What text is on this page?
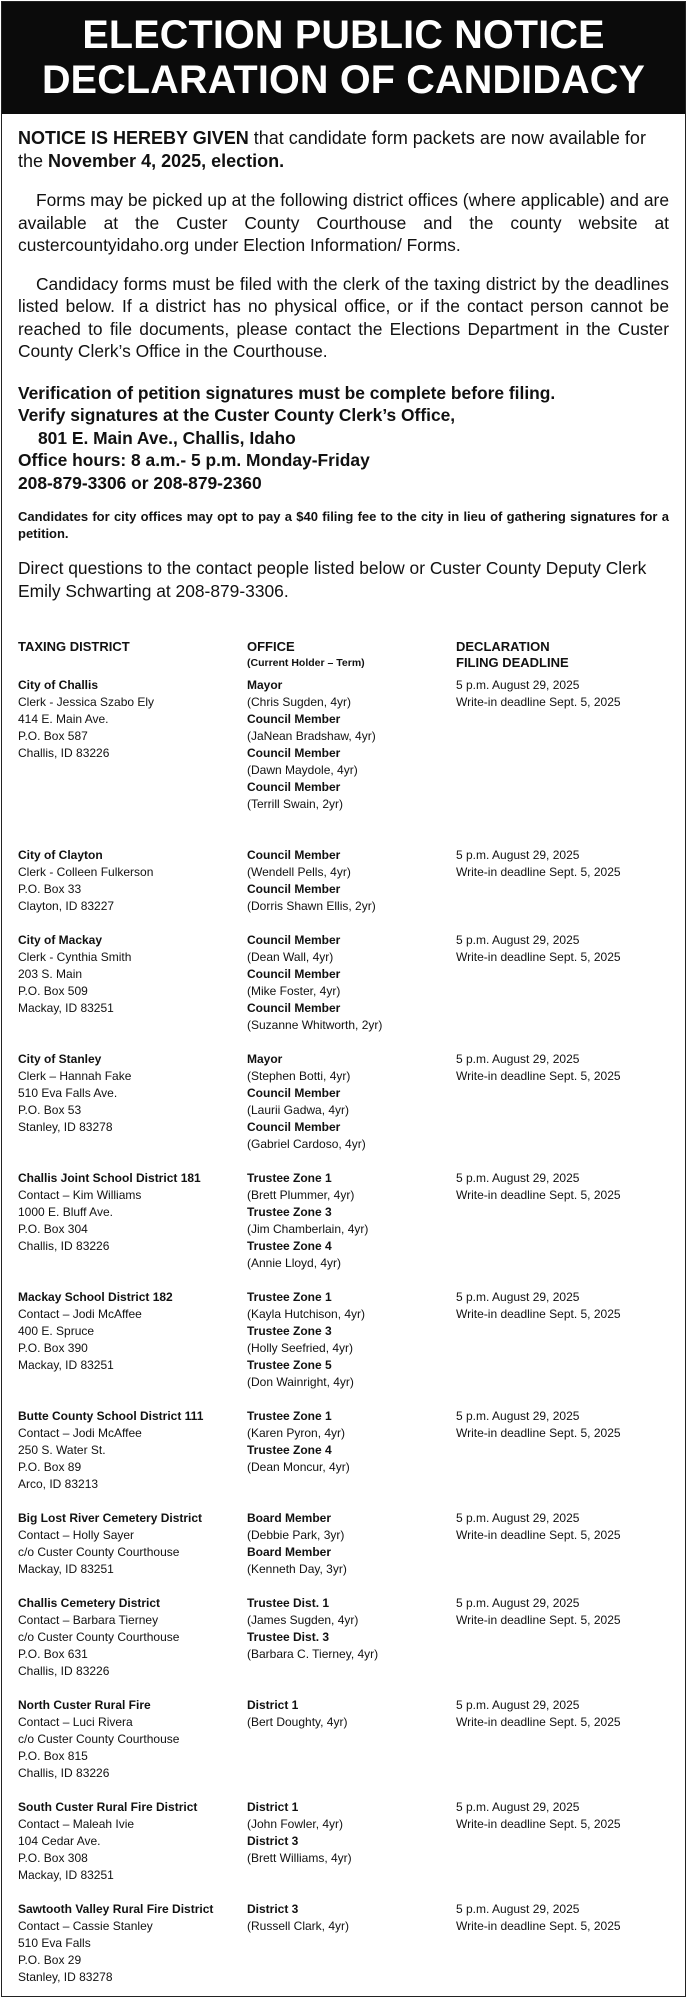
ELECTION PUBLIC NOTICE
DECLARATION OF CANDIDACY

NOTICE IS HEREBY GIVEN that candidate form packets are now available for the November 4, 2025, election.

Forms may be picked up at the following district offices (where applicable) and are available at the Custer County Courthouse and the county website at custercountyidaho.org under Election Information/ Forms.

Candidacy forms must be filed with the clerk of the taxing district by the deadlines listed below. If a district has no physical office, or if the contact person cannot be reached to file documents, please contact the Elections Department in the Custer County Clerk’s Office in the Courthouse.

Verification of petition signatures must be complete before filing.
Verify signatures at the Custer County Clerk’s Office,
801 E. Main Ave., Challis, Idaho
Office hours: 8 a.m.- 5 p.m. Monday-Friday
208-879-3306 or 208-879-2360

Candidates for city offices may opt to pay a $40 filing fee to the city in lieu of gathering signatures for a petition.

Direct questions to the contact people listed below or Custer County Deputy Clerk Emily Schwarting at 208-879-3306.

TAXING DISTRICT	OFFICE
(Current Holder – Term)
DECLARATION
FILING DEADLINE
City of Challis
Clerk - Jessica Szabo Ely
414 E. Main Ave.
P.O. Box 587
Challis, ID 83226
Mayor
(Chris Sugden, 4yr)
Council Member
(JaNean Bradshaw, 4yr)
Council Member
(Dawn Maydole, 4yr)
Council Member
(Terrill Swain, 2yr)
5 p.m. August 29, 2025
Write-in deadline Sept. 5, 2025
City of Clayton
Clerk - Colleen Fulkerson
P.O. Box 33
Clayton, ID 83227
Council Member
(Wendell Pells, 4yr)
Council Member
(Dorris Shawn Ellis, 2yr)
5 p.m. August 29, 2025
Write-in deadline Sept. 5, 2025
City of Mackay
Clerk - Cynthia Smith
203 S. Main
P.O. Box 509
Mackay, ID 83251
Council Member
(Dean Wall, 4yr)
Council Member
(Mike Foster, 4yr)
Council Member
(Suzanne Whitworth, 2yr)
5 p.m. August 29, 2025
Write-in deadline Sept. 5, 2025
City of Stanley
Clerk – Hannah Fake
510 Eva Falls Ave.
P.O. Box 53
Stanley, ID 83278
Mayor
(Stephen Botti, 4yr)
Council Member
(Laurii Gadwa, 4yr)
Council Member
(Gabriel Cardoso, 4yr)
5 p.m. August 29, 2025
Write-in deadline Sept. 5, 2025
Challis Joint School District 181
Contact – Kim Williams
1000 E. Bluff Ave.
P.O. Box 304
Challis, ID 83226
Trustee Zone 1
(Brett Plummer, 4yr)
Trustee Zone 3
(Jim Chamberlain, 4yr)
Trustee Zone 4
(Annie Lloyd, 4yr)
5 p.m. August 29, 2025
Write-in deadline Sept. 5, 2025
Mackay School District 182
Contact – Jodi McAffee
400 E. Spruce
P.O. Box 390
Mackay, ID 83251
Trustee Zone 1
(Kayla Hutchison, 4yr)
Trustee Zone 3
(Holly Seefried, 4yr)
Trustee Zone 5
(Don Wainright, 4yr)
5 p.m. August 29, 2025
Write-in deadline Sept. 5, 2025
Butte County School District 111
Contact – Jodi McAffee
250 S. Water St.
P.O. Box 89
Arco, ID 83213
Trustee Zone 1
(Karen Pyron, 4yr)
Trustee Zone 4
(Dean Moncur, 4yr)
5 p.m. August 29, 2025
Write-in deadline Sept. 5, 2025
Big Lost River Cemetery District
Contact – Holly Sayer
c/o Custer County Courthouse
Mackay, ID 83251
Board Member
(Debbie Park, 3yr)
Board Member
(Kenneth Day, 3yr)
5 p.m. August 29, 2025
Write-in deadline Sept. 5, 2025
Challis Cemetery District
Contact – Barbara Tierney
c/o Custer County Courthouse
P.O. Box 631
Challis, ID 83226
Trustee Dist. 1
(James Sugden, 4yr)
Trustee Dist. 3
(Barbara C. Tierney, 4yr)
5 p.m. August 29, 2025
Write-in deadline Sept. 5, 2025
North Custer Rural Fire
Contact – Luci Rivera
c/o Custer County Courthouse
P.O. Box 815
Challis, ID 83226
District 1
(Bert Doughty, 4yr)
5 p.m. August 29, 2025
Write-in deadline Sept. 5, 2025
South Custer Rural Fire District
Contact – Maleah Ivie
104 Cedar Ave.
P.O. Box 308
Mackay, ID 83251
District 1
(John Fowler, 4yr)
District 3
(Brett Williams, 4yr)
5 p.m. August 29, 2025
Write-in deadline Sept. 5, 2025
Sawtooth Valley Rural Fire District
Contact – Cassie Stanley
510 Eva Falls
P.O. Box 29
Stanley, ID 83278
District 3
(Russell Clark, 4yr)
5 p.m. August 29, 2025
Write-in deadline Sept. 5, 2025
